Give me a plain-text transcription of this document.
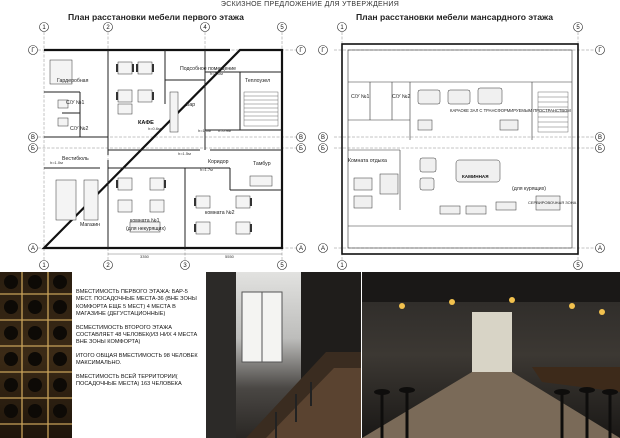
ЭСКИЗНОЕ ПРЕДЛОЖЕНИЕ ДЛЯ УТВЕРЖДЕНИЯ
План расстановки мебели первого этажа	План расстановки мебели мансардного этажа
1	2	4	5
1	2	3	5
Г
В
Б
А
Г
В
Б
А
Гардеробная
С/У №1
С/У №2
КАФЕ
Подсобное помещение
Бар
Теплоузел
Вестибюль	Коридор	Тамбур
Магазин
комната №1
(для некурящих)
комната №2
h=1.0м
h=0.6м	h=1.0м h=0.9м
h=1.0м
h=1.5м
h=1.7м
3350	5550
1	5
1	5
Г
В
Б
А
Г
В
Б
А
С/У №1	С/У №2
КАРАОКЕ ЗАЛ С ТРАНСФОРМИРУЕМЫМ ПРОСТРАНСТВОМ
Комната отдыха
КАМИННАЯ
(для курящих)
СЕРВИРОВОЧНАЯ ЗОНА

ВМЕСТИМОСТЬ ПЕРВОГО ЭТАЖА: БАР-5 МЕСТ. ПОСАДОЧНЫЕ МЕСТА-36 (ВНЕ ЗОНЫ КОМФОРТА ЕЩЕ 5 МЕСТ) 4 МЕСТА В МАГАЗИНЕ (ДЕГУСТАЦИОННЫЕ)

ВСМЕСТИМОСТЬ ВТОРОГО ЭТАЖА СОСТАВЛЯЕТ 48 ЧЕЛОВЕК(ИЗ НИХ 4 МЕСТА ВНЕ ЗОНЫ КОМФОРТА)

ИТОГО ОБЩАЯ ВМЕСТИМОСТЬ 98 ЧЕЛОВЕК МАКСИМАЛЬНО.

ВМЕСТИМОСТЬ ВСЕЙ ТЕРРИТОРИИ( ПОСАДОЧНЫЕ МЕСТА) 163 ЧЕЛОВЕКА
